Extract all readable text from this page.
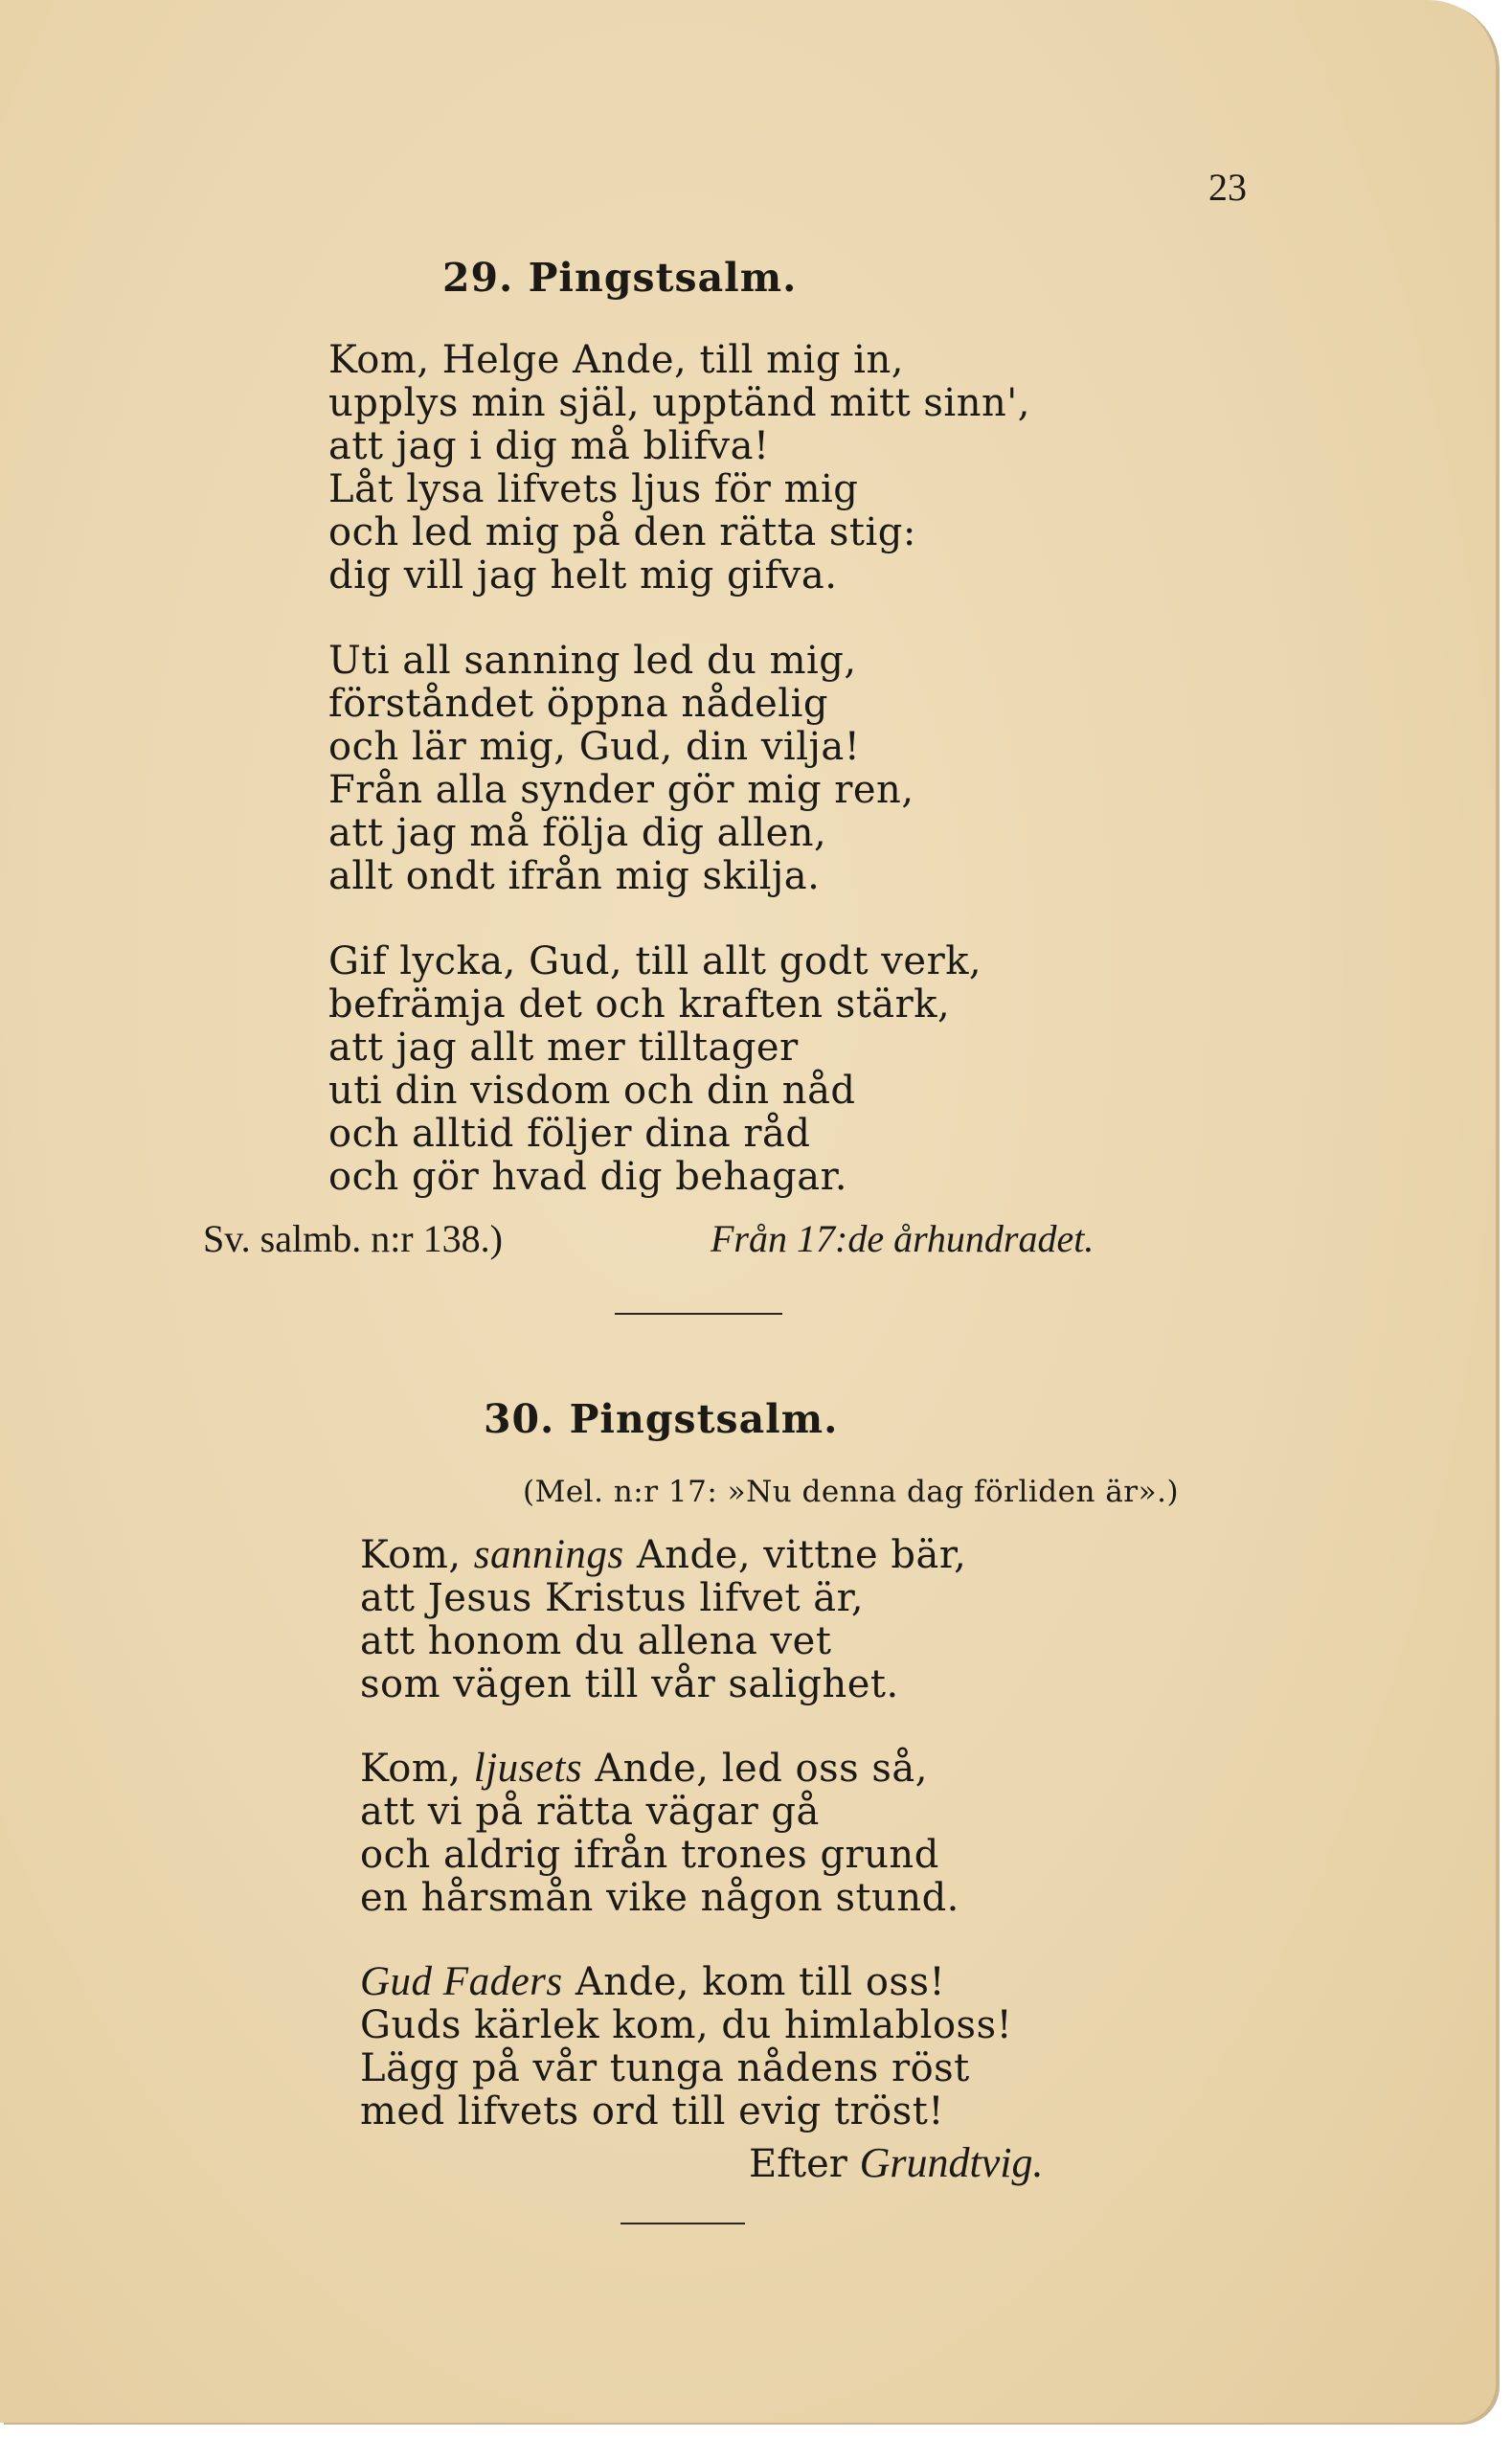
23
29. Pingstsalm.
Kom, Helge Ande, till mig in,
upplys min själ, upptänd mitt sinn',
att jag i dig må blifva!
Låt lysa lifvets ljus för mig
och led mig på den rätta stig:
dig vill jag helt mig gifva.
Uti all sanning led du mig,
förståndet öppna nådelig
och lär mig, Gud, din vilja!
Från alla synder gör mig ren,
att jag må följa dig allen,
allt ondt ifrån mig skilja.
Gif lycka, Gud, till allt godt verk,
befrämja det och kraften stärk,
att jag allt mer tilltager
uti din visdom och din nåd
och alltid följer dina råd
och gör hvad dig behagar.
Sv. salmb. n:r 138.)	Från 17:de århundradet.
30. Pingstsalm.
(Mel. n:r 17: »Nu denna dag förliden är».)
Kom, sannings Ande, vittne bär,
att Jesus Kristus lifvet är,
att honom du allena vet
som vägen till vår salighet.
Kom, ljusets Ande, led oss så,
att vi på rätta vägar gå
och aldrig ifrån trones grund
en hårsmån vike någon stund.
Gud Faders Ande, kom till oss!
Guds kärlek kom, du himlabloss!
Lägg på vår tunga nådens röst
med lifvets ord till evig tröst!
Efter Grundtvig.
